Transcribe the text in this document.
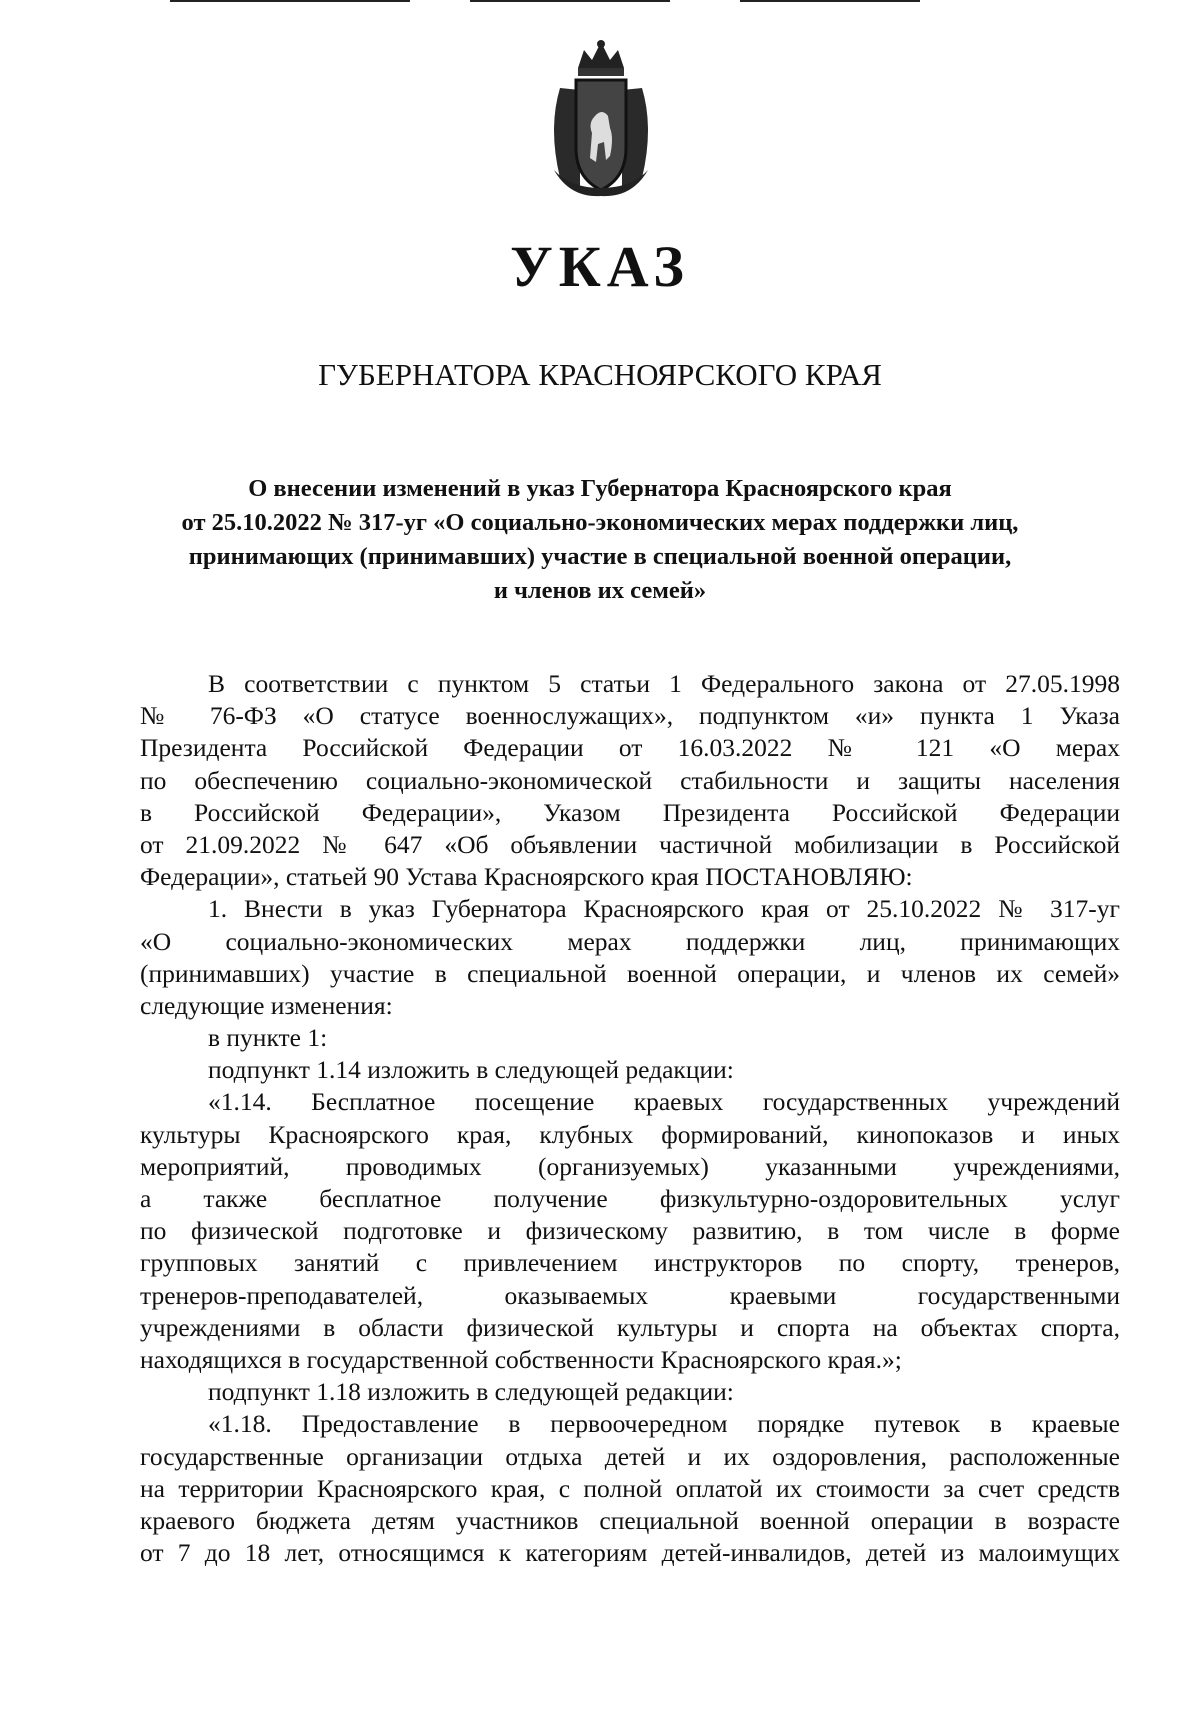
УКАЗ
ГУБЕРНАТОРА КРАСНОЯРСКОГО КРАЯ
О внесении изменений в указ Губернатора Красноярского края
от 25.10.2022 № 317-уг «О социально-экономических мерах поддержки лиц,
принимающих (принимавших) участие в специальной военной операции,
и членов их семей»
В соответствии с пунктом 5 статьи 1 Федерального закона от 27.05.1998
№ 76-ФЗ «О статусе военнослужащих», подпунктом «и» пункта 1 Указа
Президента Российской Федерации от 16.03.2022 № 121 «О мерах
по обеспечению социально-экономической стабильности и защиты населения
в Российской Федерации», Указом Президента Российской Федерации
от 21.09.2022 № 647 «Об объявлении частичной мобилизации в Российской
Федерации», статьей 90 Устава Красноярского края ПОСТАНОВЛЯЮ:
1. Внести в указ Губернатора Красноярского края от 25.10.2022 № 317-уг
«О социально-экономических мерах поддержки лиц, принимающих
(принимавших) участие в специальной военной операции, и членов их семей»
следующие изменения:
в пункте 1:
подпункт 1.14 изложить в следующей редакции:
«1.14. Бесплатное посещение краевых государственных учреждений
культуры Красноярского края, клубных формирований, кинопоказов и иных
мероприятий, проводимых (организуемых) указанными учреждениями,
а также бесплатное получение физкультурно-оздоровительных услуг
по физической подготовке и физическому развитию, в том числе в форме
групповых занятий с привлечением инструкторов по спорту, тренеров,
тренеров-преподавателей, оказываемых краевыми государственными
учреждениями в области физической культуры и спорта на объектах спорта,
находящихся в государственной собственности Красноярского края.»;
подпункт 1.18 изложить в следующей редакции:
«1.18. Предоставление в первоочередном порядке путевок в краевые
государственные организации отдыха детей и их оздоровления, расположенные
на территории Красноярского края, с полной оплатой их стоимости за счет средств
краевого бюджета детям участников специальной военной операции в возрасте
от 7 до 18 лет, относящимся к категориям детей-инвалидов, детей из малоимущих
